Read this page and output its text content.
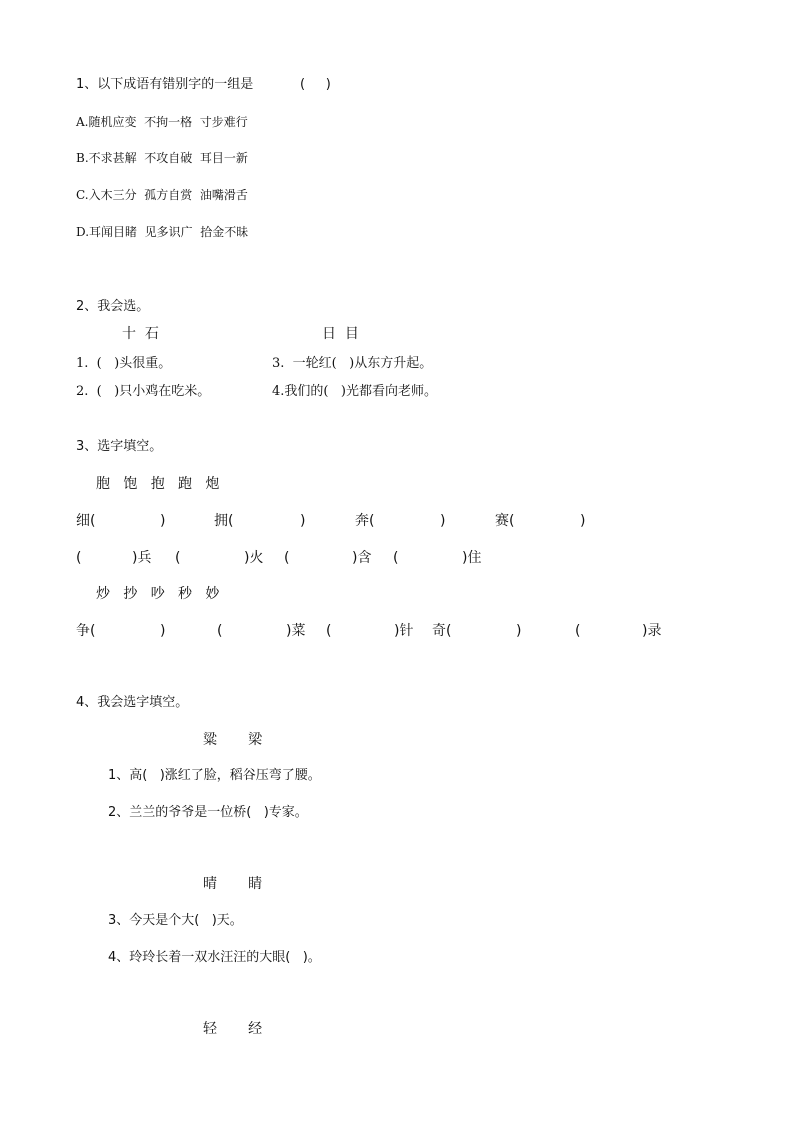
1、以下成语有错别字的一组是	(     )
A.随机应变  不拘一格  寸步难行
B.不求甚解  不攻自破  耳目一新
C.入木三分  孤方自赏  油嘴滑舌
D.耳闻目睹  见多识广  拾金不昧
2、我会选。
十  石	日  目
1.  (   )头很重。	3.  一轮红(   )从东方升起。
2.  (   )只小鸡在吃米。	4.我们的(   )光都看向老师。
3、选字填空。
胞   饱   抱   跑   炮
细(	)	拥(	)	奔(	)	赛(	)
(	)兵 (	)火 (	)含 (	)住
炒   抄   吵   秒   妙
争(	)	(	)菜 (	)针 奇(	)	(	)录
4、我会选字填空。
粱       梁
1、高(   )涨红了脸，稻谷压弯了腰。
2、兰兰的爷爷是一位桥(   )专家。
晴       睛
3、今天是个大(   )天。
4、玲玲长着一双水汪汪的大眼(   )。
轻       经
